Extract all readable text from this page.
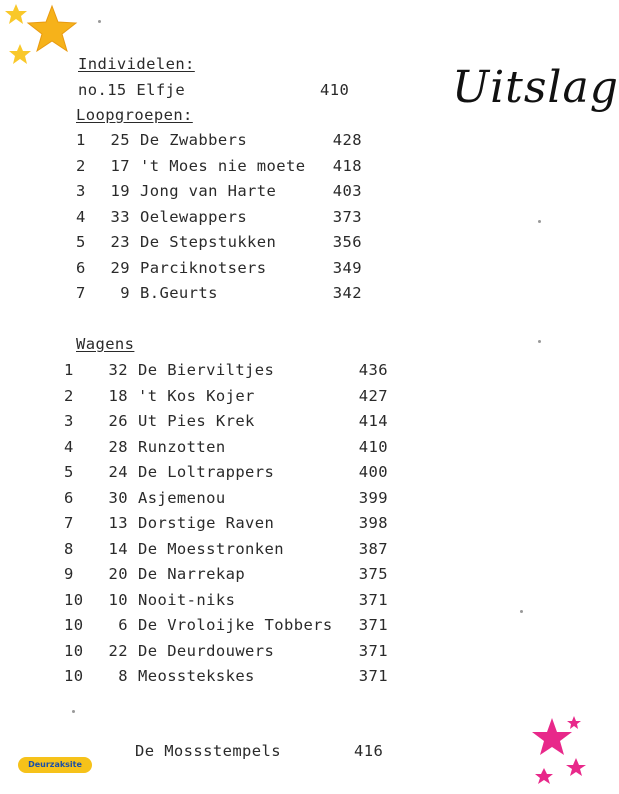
Uitslag
Individelen:
no.15 Elfje	410
Loopgroepen:
1	25 De Zwabbers	428
2	17 't Moes nie moete	418
3	19 Jong van Harte	403
4	33 Oelewappers	373
5	23 De Stepstukken	356
6	29 Parciknotsers	349
7	9 B.Geurts	342
Wagens
1	32 De Bierviltjes	436
2	18 't Kos Kojer	427
3	26 Ut Pies Krek	414
4	28 Runzotten	410
5	24 De Loltrappers	400
6	30 Asjemenou	399
7	13 Dorstige Raven	398
8	14 De Moesstronken	387
9	20 De Narrekap	375
10	10 Nooit-niks	371
10	6 De Vroloijke Tobbers	371
10	22 De Deurdouwers	371
10	8 Meosstekskes	371
De Mossstempels	416
Deurzaksite
